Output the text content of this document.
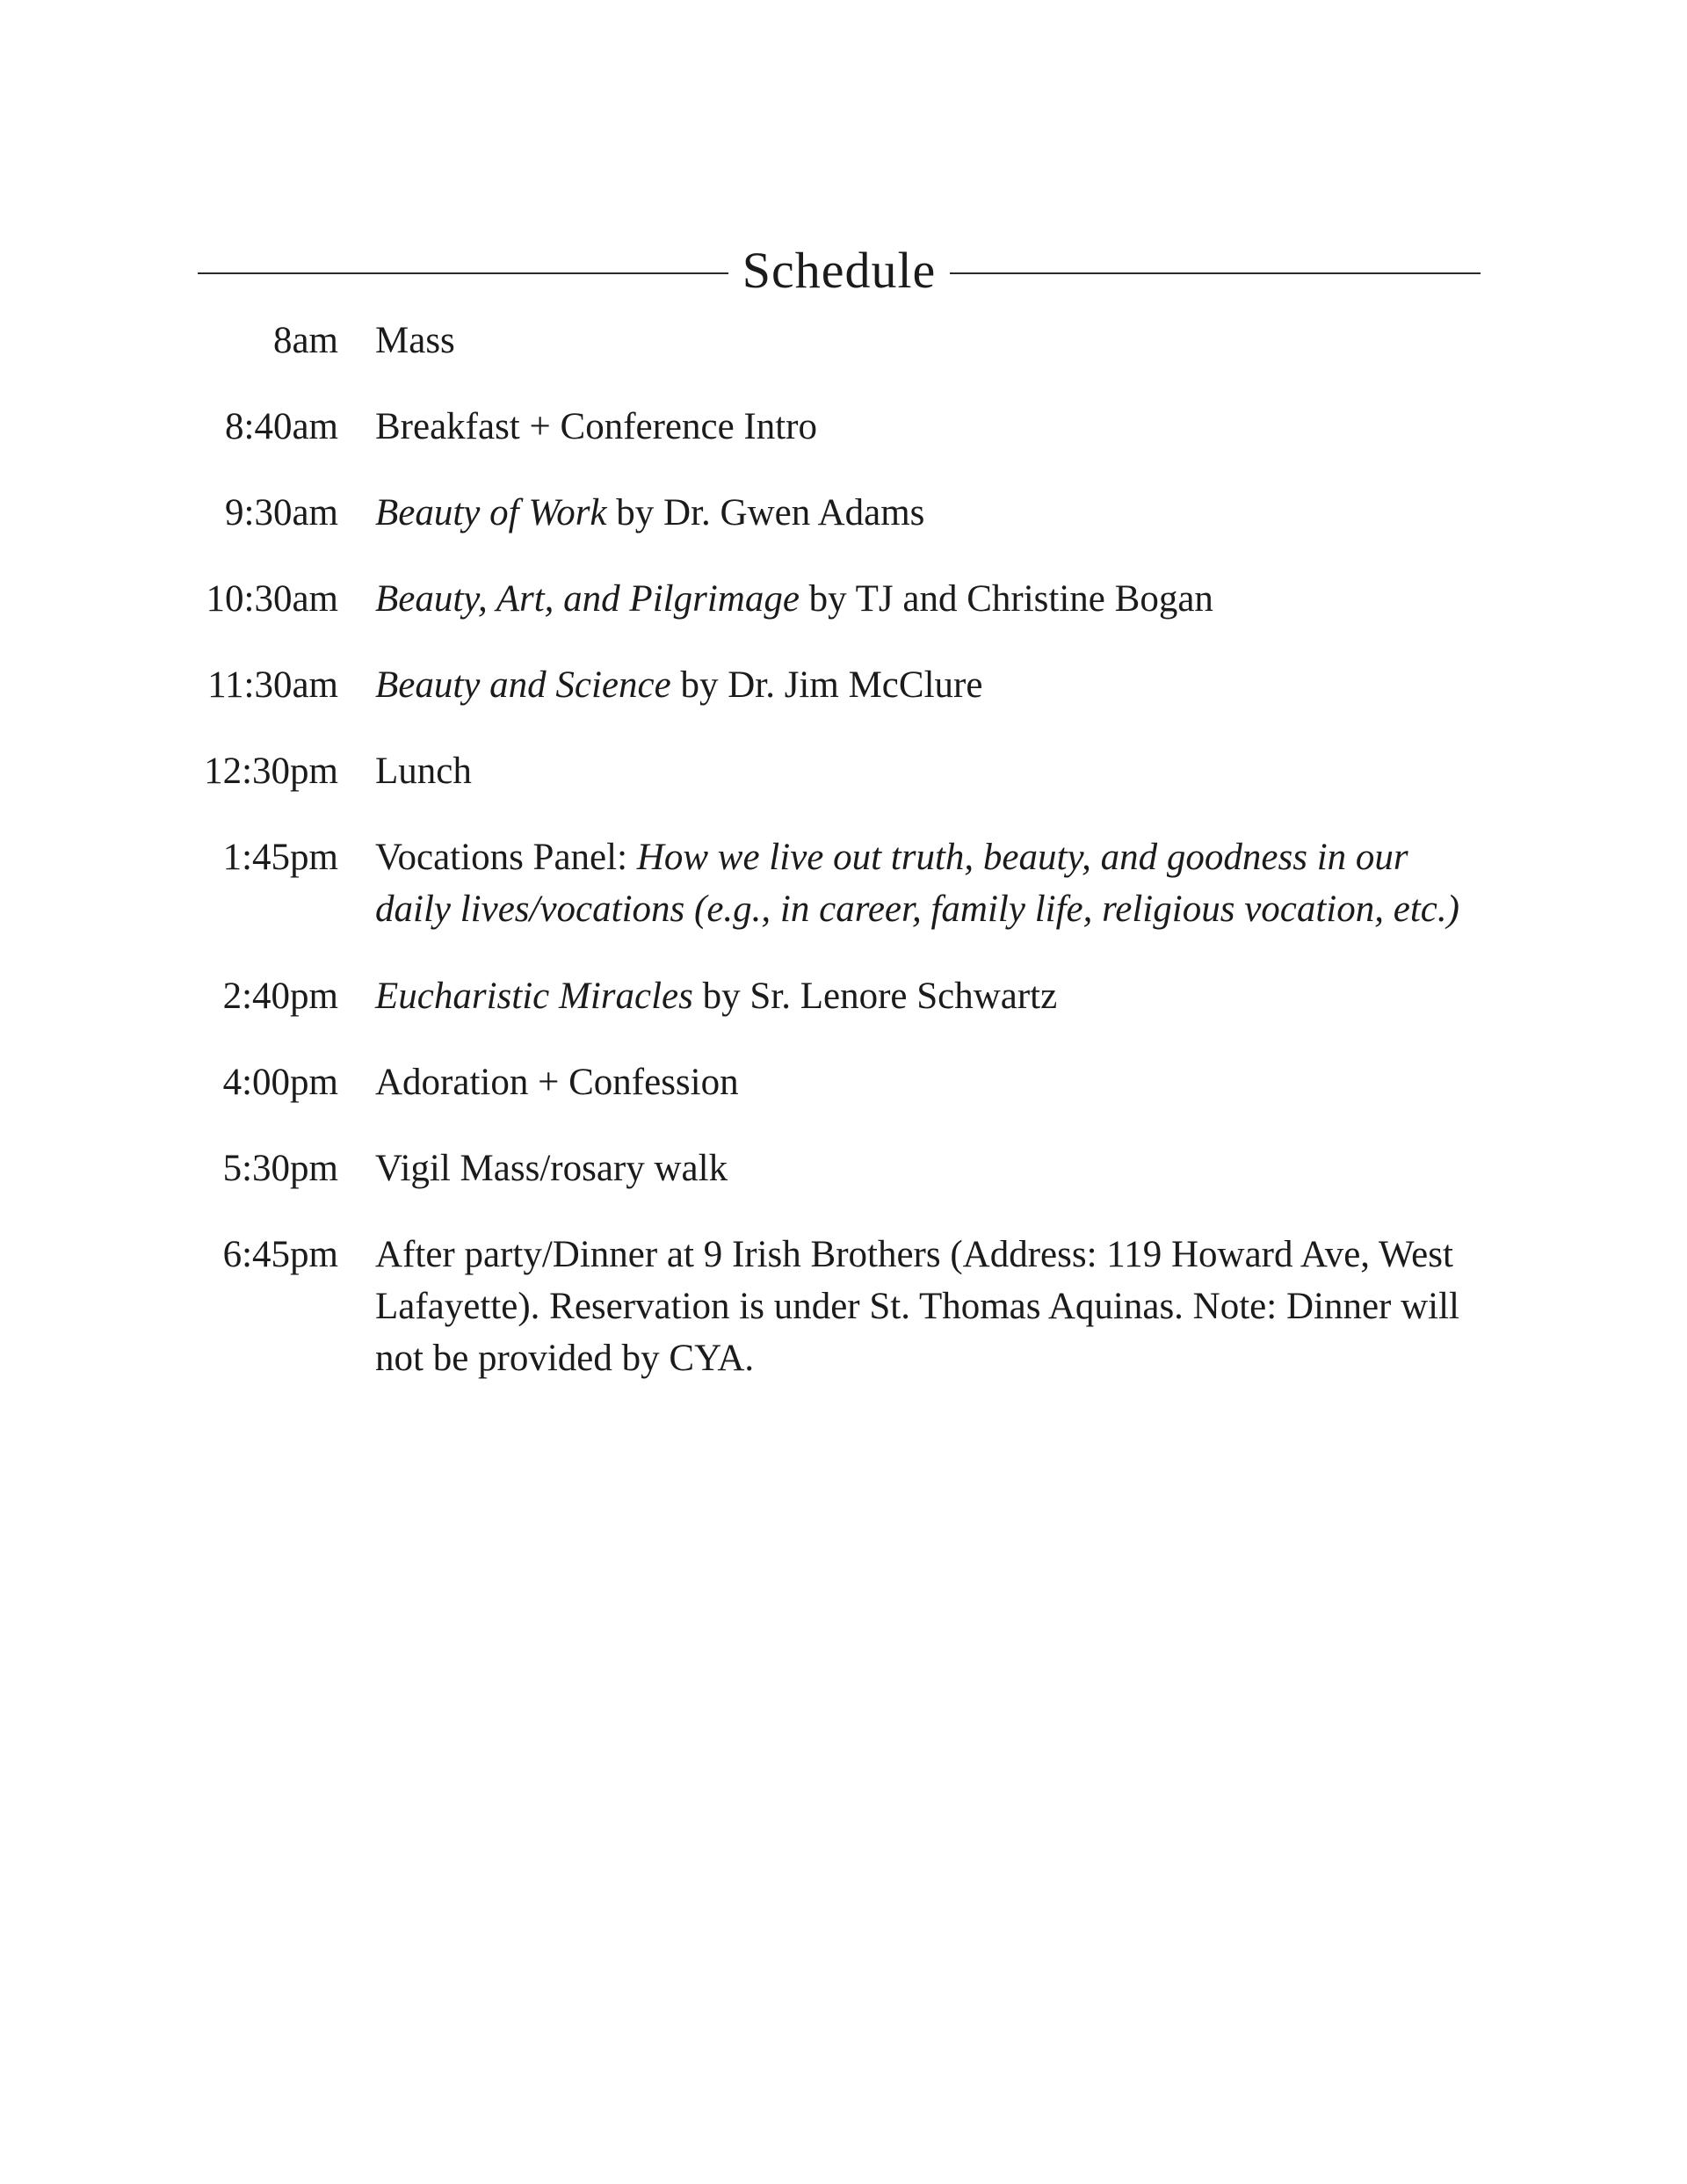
Schedule
8am Mass
8:40am Breakfast + Conference Intro
9:30am Beauty of Work by Dr. Gwen Adams
10:30am Beauty, Art, and Pilgrimage by TJ and Christine Bogan
11:30am Beauty and Science by Dr. Jim McClure
12:30pm Lunch
1:45pm Vocations Panel: How we live out truth, beauty, and goodness in our daily lives/vocations (e.g., in career, family life, religious vocation, etc.)
2:40pm Eucharistic Miracles by Sr. Lenore Schwartz
4:00pm Adoration + Confession
5:30pm Vigil Mass/rosary walk
6:45pm After party/Dinner at 9 Irish Brothers (Address: 119 Howard Ave, West Lafayette). Reservation is under St. Thomas Aquinas. Note: Dinner will not be provided by CYA.
